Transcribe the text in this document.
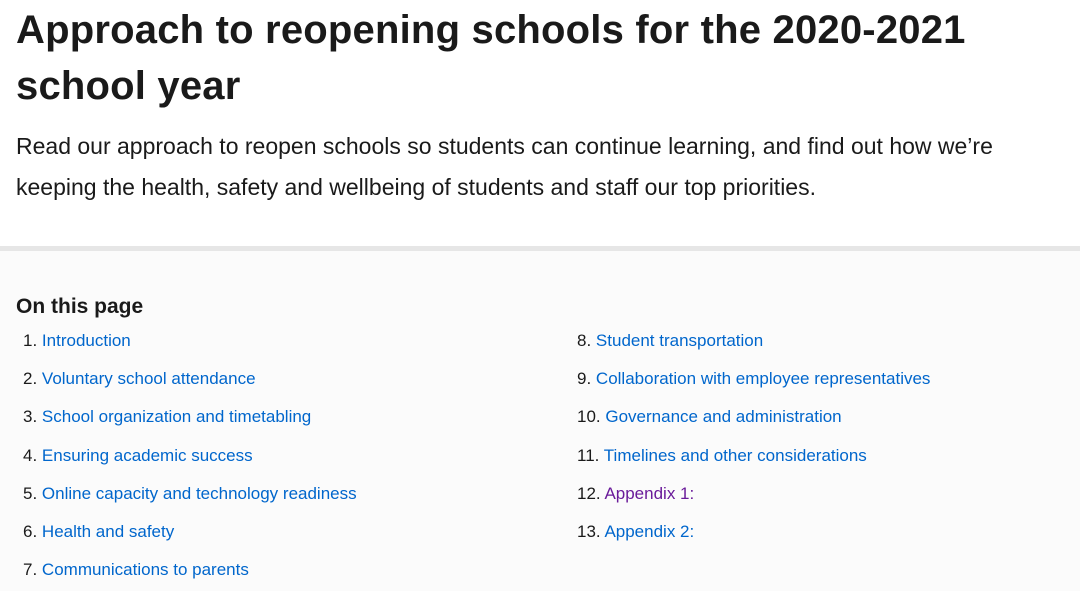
Approach to reopening schools for the 2020-2021 school year

Read our approach to reopen schools so students can continue learning, and find out how we’re keeping the health, safety and wellbeing of students and staff our top priorities.

On this page
1. Introduction
2. Voluntary school attendance
3. School organization and timetabling
4. Ensuring academic success
5. Online capacity and technology readiness
6. Health and safety
7. Communications to parents
8. Student transportation
9. Collaboration with employee representatives
10. Governance and administration
11. Timelines and other considerations
12. Appendix 1:
13. Appendix 2:
